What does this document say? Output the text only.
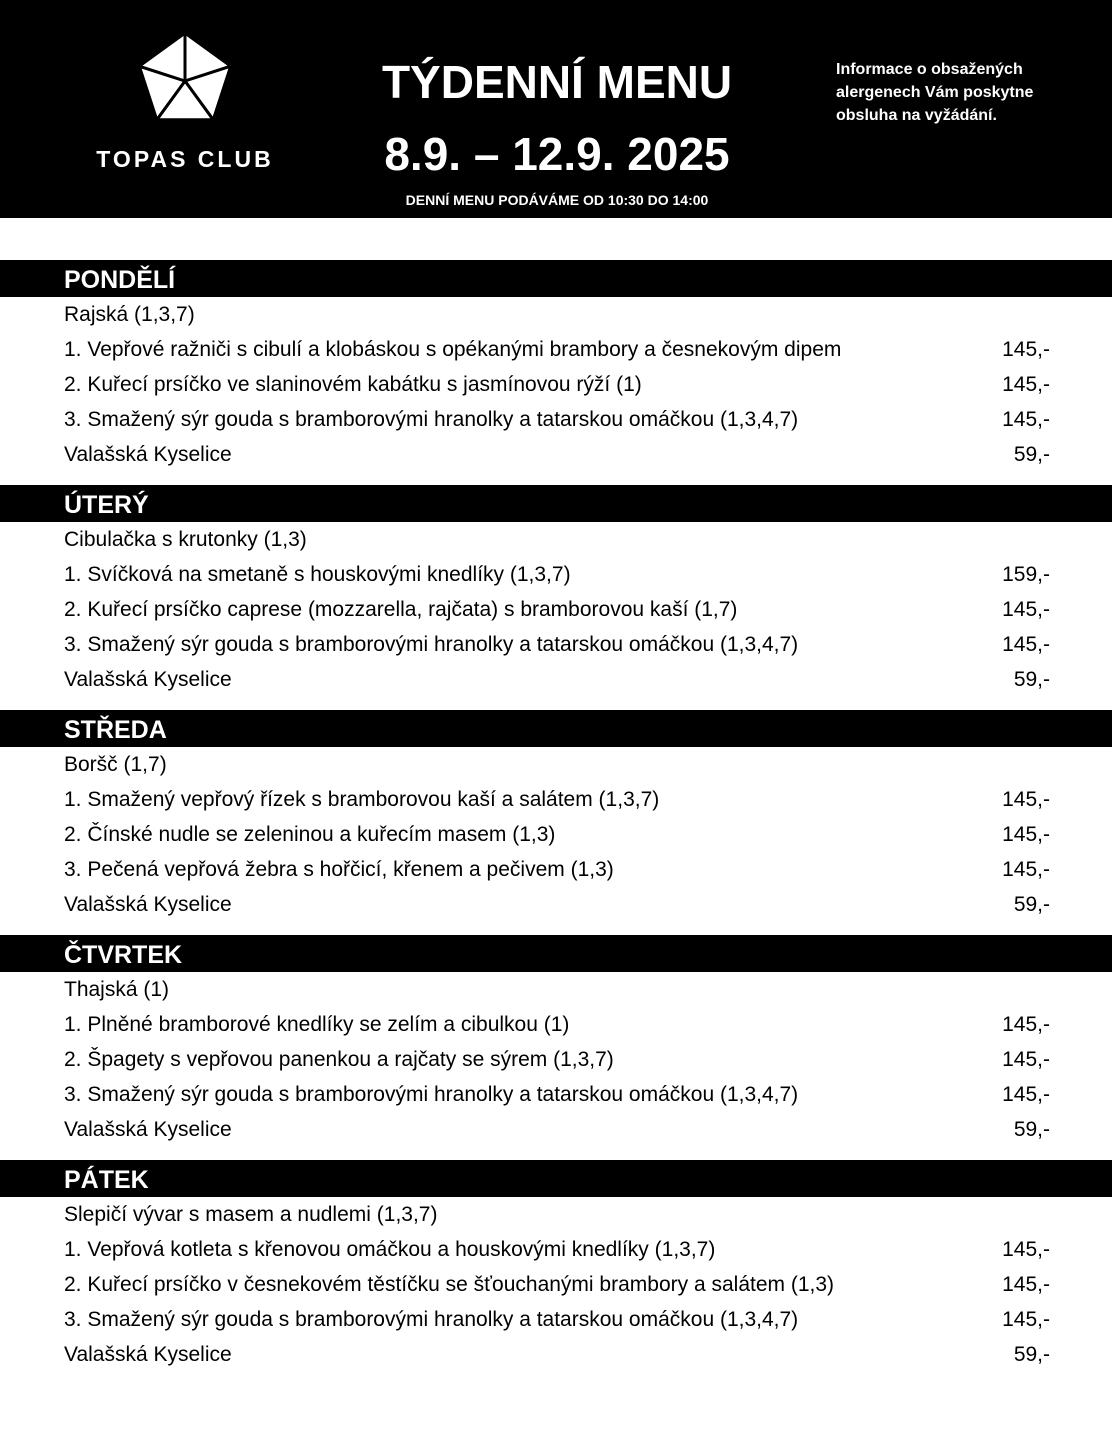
TOPAS CLUB
TÝDENNÍ MENU
8.9. – 12.9. 2025
DENNÍ MENU PODÁVÁME OD 10:30 DO 14:00
Informace o obsažených alergenech Vám poskytne obsluha na vyžádání.
PONDĚLÍ
Rajská (1,3,7)
1. Vepřové ražniči s cibulí a klobáskou s opékanými brambory a česnekovým dipem	145,-
2. Kuřecí prsíčko ve slaninovém kabátku s jasmínovou rýží (1)	145,-
3. Smažený sýr gouda s bramborovými hranolky a tatarskou omáčkou (1,3,4,7)	145,-
Valašská Kyselice	59,-
ÚTERÝ
Cibulačka s krutonky (1,3)
1. Svíčková na smetaně s houskovými knedlíky (1,3,7)	159,-
2. Kuřecí prsíčko caprese (mozzarella, rajčata) s bramborovou kaší (1,7)	145,-
3. Smažený sýr gouda s bramborovými hranolky a tatarskou omáčkou (1,3,4,7)	145,-
Valašská Kyselice	59,-
STŘEDA
Boršč (1,7)
1. Smažený vepřový řízek s bramborovou kaší a salátem (1,3,7)	145,-
2. Čínské nudle se zeleninou a kuřecím masem (1,3)	145,-
3. Pečená vepřová žebra s hořčicí, křenem a pečivem (1,3)	145,-
Valašská Kyselice	59,-
ČTVRTEK
Thajská (1)
1. Plněné bramborové knedlíky se zelím a cibulkou (1)	145,-
2. Špagety s vepřovou panenkou a rajčaty se sýrem (1,3,7)	145,-
3. Smažený sýr gouda s bramborovými hranolky a tatarskou omáčkou (1,3,4,7)	145,-
Valašská Kyselice	59,-
PÁTEK
Slepičí vývar s masem a nudlemi (1,3,7)
1. Vepřová kotleta s křenovou omáčkou a houskovými knedlíky (1,3,7)	145,-
2. Kuřecí prsíčko v česnekovém těstíčku se šťouchanými brambory a salátem (1,3)	145,-
3. Smažený sýr gouda s bramborovými hranolky a tatarskou omáčkou (1,3,4,7)	145,-
Valašská Kyselice	59,-
